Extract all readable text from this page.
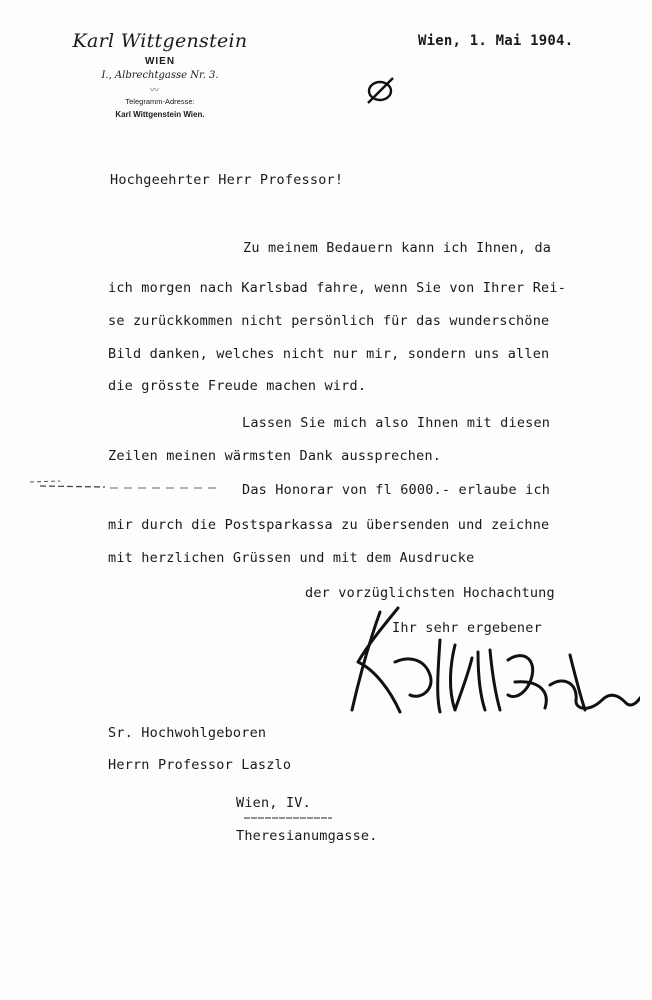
Karl Wittgenstein
WIEN
I., Albrechtgasse Nr. 3.
〰
Telegramm-Adresse:
Karl Wittgenstein Wien.
Wien, 1. Mai 1904.
Hochgeehrter Herr Professor!
Zu meinem Bedauern kann ich Ihnen, da
ich morgen nach Karlsbad fahre, wenn Sie von Ihrer Rei-
se zurückkommen nicht persönlich für das wunderschöne
Bild danken, welches nicht nur mir, sondern uns allen
die grösste Freude machen wird.
Lassen Sie mich also Ihnen mit diesen
Zeilen meinen wärmsten Dank aussprechen.
Das Honorar von fl 6000.- erlaube ich
mir durch die Postsparkassa zu übersenden und zeichne
mit herzlichen Grüssen und mit dem Ausdrucke
der vorzüglichsten Hochachtung
Ihr sehr ergebener
Sr. Hochwohlgeboren
Herrn Professor Laszlo
Wien, IV.
Theresianumgasse.
